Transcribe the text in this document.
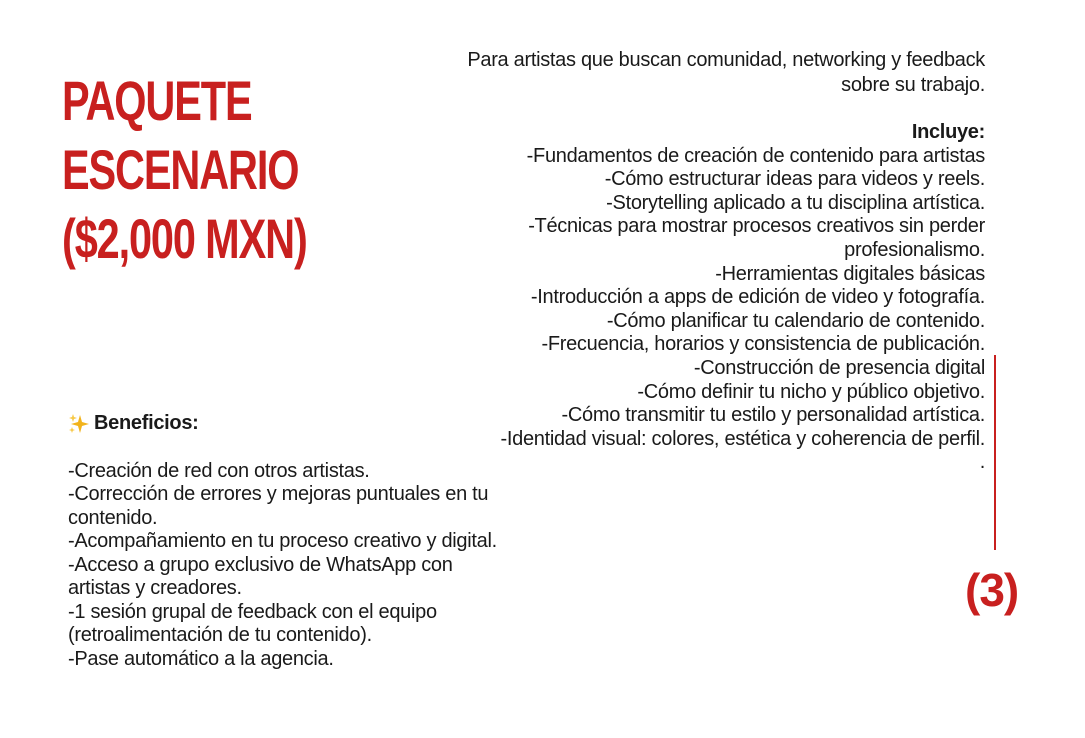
PAQUETE
ESCENARIO
($2,000 MXN)

Para artistas que buscan comunidad, networking y feedback sobre su trabajo.

Incluye:
-Fundamentos de creación de contenido para artistas
-Cómo estructurar ideas para videos y reels.
-Storytelling aplicado a tu disciplina artística.
-Técnicas para mostrar procesos creativos sin perder profesionalismo.
-Herramientas digitales básicas
-Introducción a apps de edición de video y fotografía.
-Cómo planificar tu calendario de contenido.
-Frecuencia, horarios y consistencia de publicación.
-Construcción de presencia digital
-Cómo definir tu nicho y público objetivo.
-Cómo transmitir tu estilo y personalidad artística.
-Identidad visual: colores, estética y coherencia de perfil.
.
(3)
Beneficios:
-Creación de red con otros artistas.
-Corrección de errores y mejoras puntuales en tu contenido.
-Acompañamiento en tu proceso creativo y digital.
-Acceso a grupo exclusivo de WhatsApp con artistas y creadores.
-1 sesión grupal de feedback con el equipo (retroalimentación de tu contenido).
-Pase automático a la agencia.
